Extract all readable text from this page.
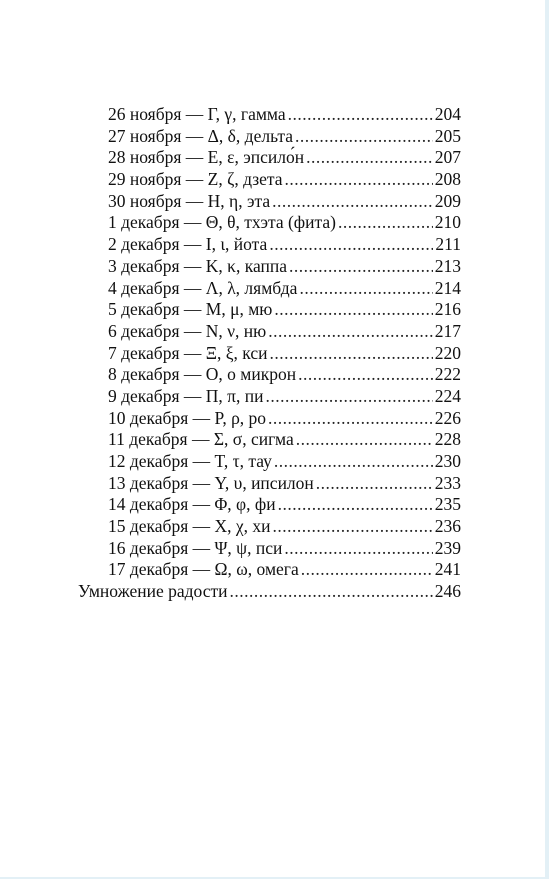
26 ноября — Γ, γ, гамма .....	204
27 ноября — Δ, δ, дельта .....	205
28 ноября — Ε, ε, эпсило́н .....	207
29 ноября — Ζ, ζ, дзета .....	208
30 ноября — Η, η, эта .....	209
1 декабря — Θ, θ, тхэта (фита) .....	210
2 декабря — Ι, ι, йота .....	211
3 декабря — Κ, κ, каппа .....	213
4 декабря — Λ, λ, лямбда .....	214
5 декабря — Μ, μ, мю .....	216
6 декабря — Ν, ν, ню .....	217
7 декабря — Ξ, ξ, кси .....	220
8 декабря — Ο, ο микрон .....	222
9 декабря — Π, π, пи .....	224
10 декабря — Ρ, ρ, ро .....	226
11 декабря — Σ, σ, сигма .....	228
12 декабря — Τ, τ, тау .....	230
13 декабря — Υ, υ, ипсилон .....	233
14 декабря — Φ, φ, фи .....	235
15 декабря — Χ, χ, хи .....	236
16 декабря — Ψ, ψ, пси .....	239
17 декабря — Ω, ω, омега .....	241
Умножение радости .....	246
